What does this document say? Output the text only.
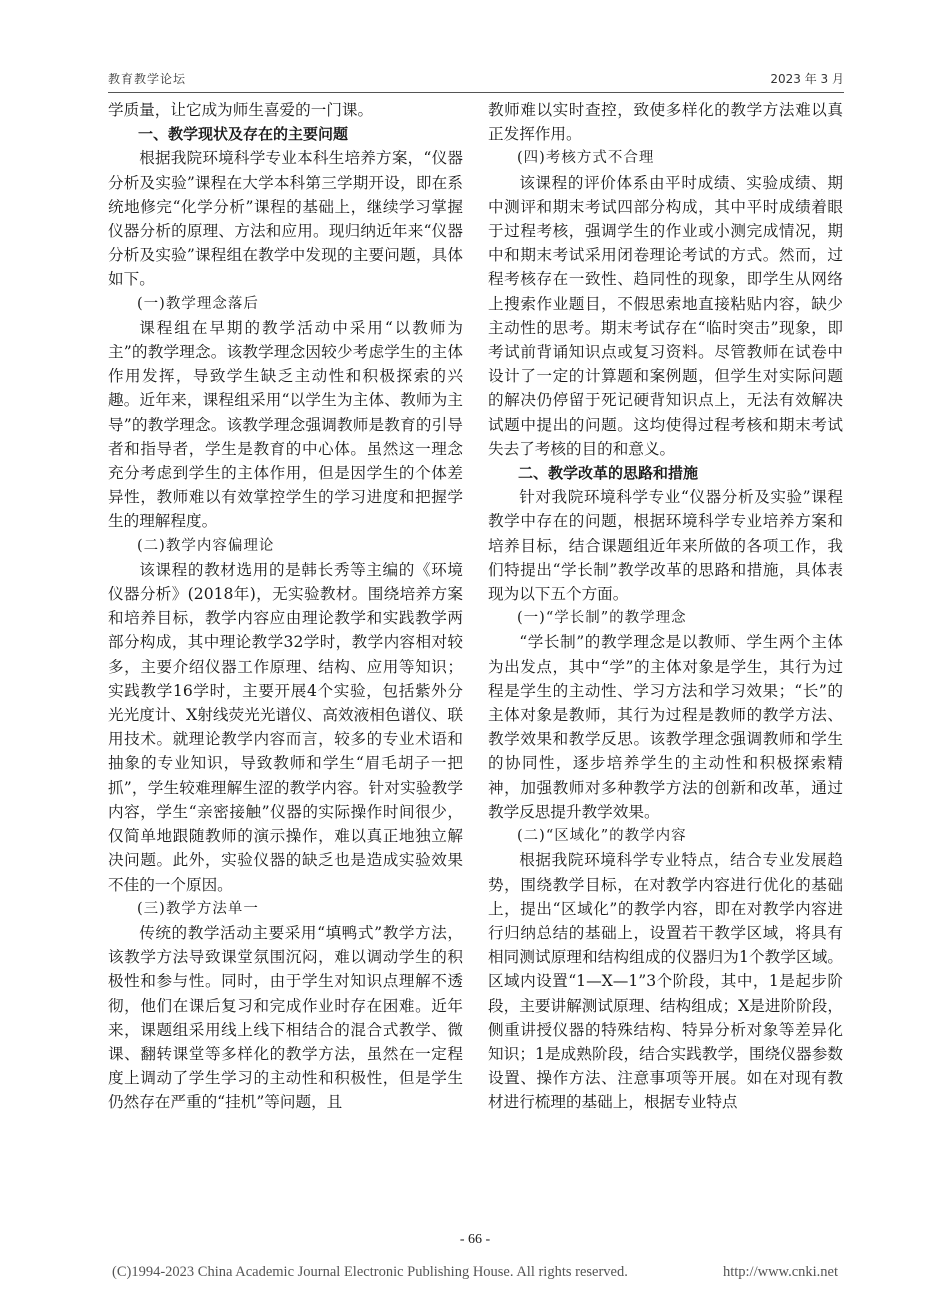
教育教学论坛	2023 年 3 月

学质量，让它成为师生喜爱的一门课。

一、教学现状及存在的主要问题

根据我院环境科学专业本科生培养方案，“仪器分析及实验”课程在大学本科第三学期开设，即在系统地修完“化学分析”课程的基础上，继续学习掌握仪器分析的原理、方法和应用。现归纳近年来“仪器分析及实验”课程组在教学中发现的主要问题，具体如下。

(一)教学理念落后

课程组在早期的教学活动中采用“以教师为主”的教学理念。该教学理念因较少考虑学生的主体作用发挥，导致学生缺乏主动性和积极探索的兴趣。近年来，课程组采用“以学生为主体、教师为主导”的教学理念。该教学理念强调教师是教育的引导者和指导者，学生是教育的中心体。虽然这一理念充分考虑到学生的主体作用，但是因学生的个体差异性，教师难以有效掌控学生的学习进度和把握学生的理解程度。

(二)教学内容偏理论

该课程的教材选用的是韩长秀等主编的《环境仪器分析》(2018年)，无实验教材。围绕培养方案和培养目标，教学内容应由理论教学和实践教学两部分构成，其中理论教学32学时，教学内容相对较多，主要介绍仪器工作原理、结构、应用等知识；实践教学16学时，主要开展4个实验，包括紫外分光光度计、X射线荧光光谱仪、高效液相色谱仪、联用技术。就理论教学内容而言，较多的专业术语和抽象的专业知识，导致教师和学生“眉毛胡子一把抓”，学生较难理解生涩的教学内容。针对实验教学内容，学生“亲密接触”仪器的实际操作时间很少，仅简单地跟随教师的演示操作，难以真正地独立解决问题。此外，实验仪器的缺乏也是造成实验效果不佳的一个原因。

(三)教学方法单一

传统的教学活动主要采用“填鸭式”教学方法，该教学方法导致课堂氛围沉闷，难以调动学生的积极性和参与性。同时，由于学生对知识点理解不透彻，他们在课后复习和完成作业时存在困难。近年来，课题组采用线上线下相结合的混合式教学、微课、翻转课堂等多样化的教学方法，虽然在一定程度上调动了学生学习的主动性和积极性，但是学生仍然存在严重的“挂机”等问题，且

教师难以实时查控，致使多样化的教学方法难以真正发挥作用。

(四)考核方式不合理

该课程的评价体系由平时成绩、实验成绩、期中测评和期末考试四部分构成，其中平时成绩着眼于过程考核，强调学生的作业或小测完成情况，期中和期末考试采用闭卷理论考试的方式。然而，过程考核存在一致性、趋同性的现象，即学生从网络上搜索作业题目，不假思索地直接粘贴内容，缺少主动性的思考。期末考试存在“临时突击”现象，即考试前背诵知识点或复习资料。尽管教师在试卷中设计了一定的计算题和案例题，但学生对实际问题的解决仍停留于死记硬背知识点上，无法有效解决试题中提出的问题。这均使得过程考核和期末考试失去了考核的目的和意义。

二、教学改革的思路和措施

针对我院环境科学专业“仪器分析及实验”课程教学中存在的问题，根据环境科学专业培养方案和培养目标，结合课题组近年来所做的各项工作，我们特提出“学长制”教学改革的思路和措施，具体表现为以下五个方面。

(一)“学长制”的教学理念

“学长制”的教学理念是以教师、学生两个主体为出发点，其中“学”的主体对象是学生，其行为过程是学生的主动性、学习方法和学习效果；“长”的主体对象是教师，其行为过程是教师的教学方法、教学效果和教学反思。该教学理念强调教师和学生的协同性，逐步培养学生的主动性和积极探索精神，加强教师对多种教学方法的创新和改革，通过教学反思提升教学效果。

(二)“区域化”的教学内容

根据我院环境科学专业特点，结合专业发展趋势，围绕教学目标，在对教学内容进行优化的基础上，提出“区域化”的教学内容，即在对教学内容进行归纳总结的基础上，设置若干教学区域，将具有相同测试原理和结构组成的仪器归为1个教学区域。区域内设置“1—X—1”3个阶段，其中，1是起步阶段，主要讲解测试原理、结构组成；X是进阶阶段，侧重讲授仪器的特殊结构、特异分析对象等差异化知识；1是成熟阶段，结合实践教学，围绕仪器参数设置、操作方法、注意事项等开展。如在对现有教材进行梳理的基础上，根据专业特点

- 66 -
(C)1994-2023 China Academic Journal Electronic Publishing House. All rights reserved.	http://www.cnki.net
